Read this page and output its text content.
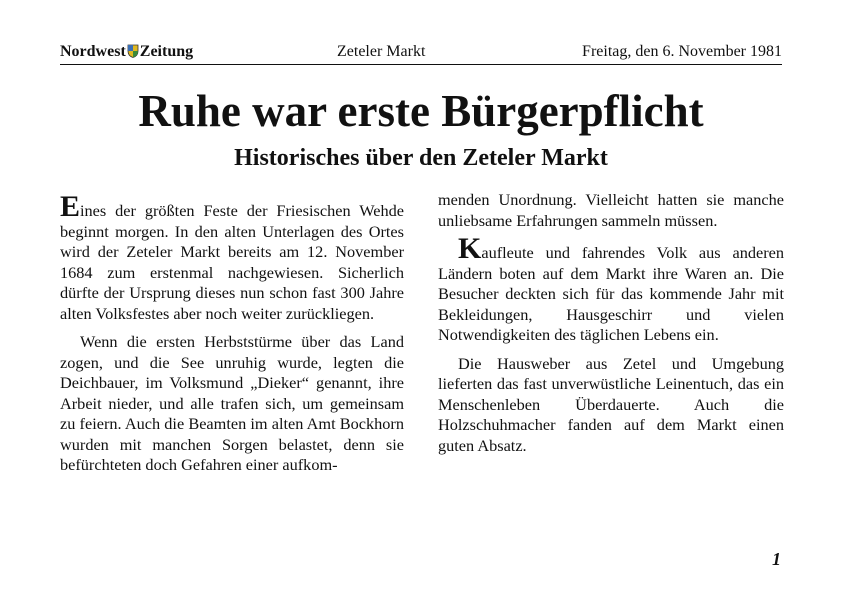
Nordwest Zeitung	Zeteler Markt	Freitag, den 6. November 1981
Ruhe war erste Bürgerpflicht
Historisches über den Zeteler Markt

Eines der größten Feste der Friesischen Wehde beginnt morgen. In den alten Unterlagen des Ortes wird der Zeteler Markt bereits am 12. November 1684 zum erstenmal nachgewiesen. Sicherlich dürfte der Ursprung dieses nun schon fast 300 Jahre alten Volksfestes aber noch weiter zurückliegen.

Wenn die ersten Herbststürme über das Land zogen, und die See unruhig wurde, legten die Deichbauer, im Volksmund „Dieker“ genannt, ihre Arbeit nieder, und alle trafen sich, um gemeinsam zu feiern. Auch die Beamten im alten Amt Bockhorn wurden mit manchen Sorgen belastet, denn sie befürchteten doch Gefahren einer aufkom-

menden Unordnung. Vielleicht hatten sie manche unliebsame Erfahrungen sammeln müssen.

Kaufleute und fahrendes Volk aus anderen Ländern boten auf dem Markt ihre Waren an. Die Besucher deckten sich für das kommende Jahr mit Bekleidungen, Hausgeschirr und vielen Notwendigkeiten des täglichen Lebens ein.

Die Hausweber aus Zetel und Umgebung lieferten das fast unverwüstliche Leinentuch, das ein Menschenleben Überdauerte. Auch die Holzschuhmacher fanden auf dem Markt einen guten Absatz.

1
